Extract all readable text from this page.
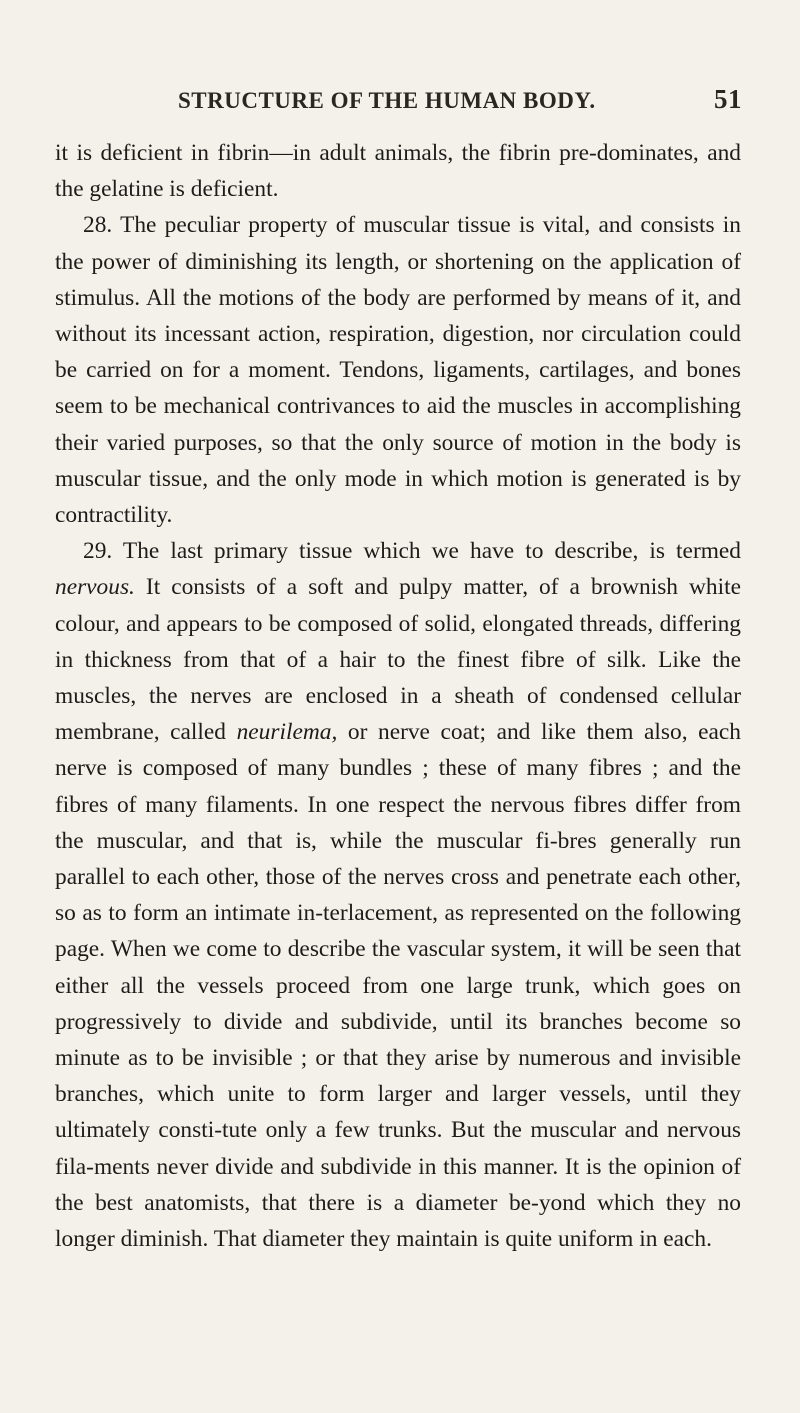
STRUCTURE OF THE HUMAN BODY.	51

it is deficient in fibrin—in adult animals, the fibrin pre-dominates, and the gelatine is deficient.

28. The peculiar property of muscular tissue is vital, and consists in the power of diminishing its length, or shortening on the application of stimulus. All the motions of the body are performed by means of it, and without its incessant action, respiration, digestion, nor circulation could be carried on for a moment. Tendons, ligaments, cartilages, and bones seem to be mechanical contrivances to aid the muscles in accomplishing their varied purposes, so that the only source of motion in the body is muscular tissue, and the only mode in which motion is generated is by contractility.

29. The last primary tissue which we have to describe, is termed nervous. It consists of a soft and pulpy matter, of a brownish white colour, and appears to be composed of solid, elongated threads, differing in thickness from that of a hair to the finest fibre of silk. Like the muscles, the nerves are enclosed in a sheath of condensed cellular membrane, called neurilema, or nerve coat; and like them also, each nerve is composed of many bundles ; these of many fibres ; and the fibres of many filaments. In one respect the nervous fibres differ from the muscular, and that is, while the muscular fi-bres generally run parallel to each other, those of the nerves cross and penetrate each other, so as to form an intimate in-terlacement, as represented on the following page. When we come to describe the vascular system, it will be seen that either all the vessels proceed from one large trunk, which goes on progressively to divide and subdivide, until its branches become so minute as to be invisible ; or that they arise by numerous and invisible branches, which unite to form larger and larger vessels, until they ultimately consti-tute only a few trunks. But the muscular and nervous fila-ments never divide and subdivide in this manner. It is the opinion of the best anatomists, that there is a diameter be-yond which they no longer diminish. That diameter they maintain is quite uniform in each.
